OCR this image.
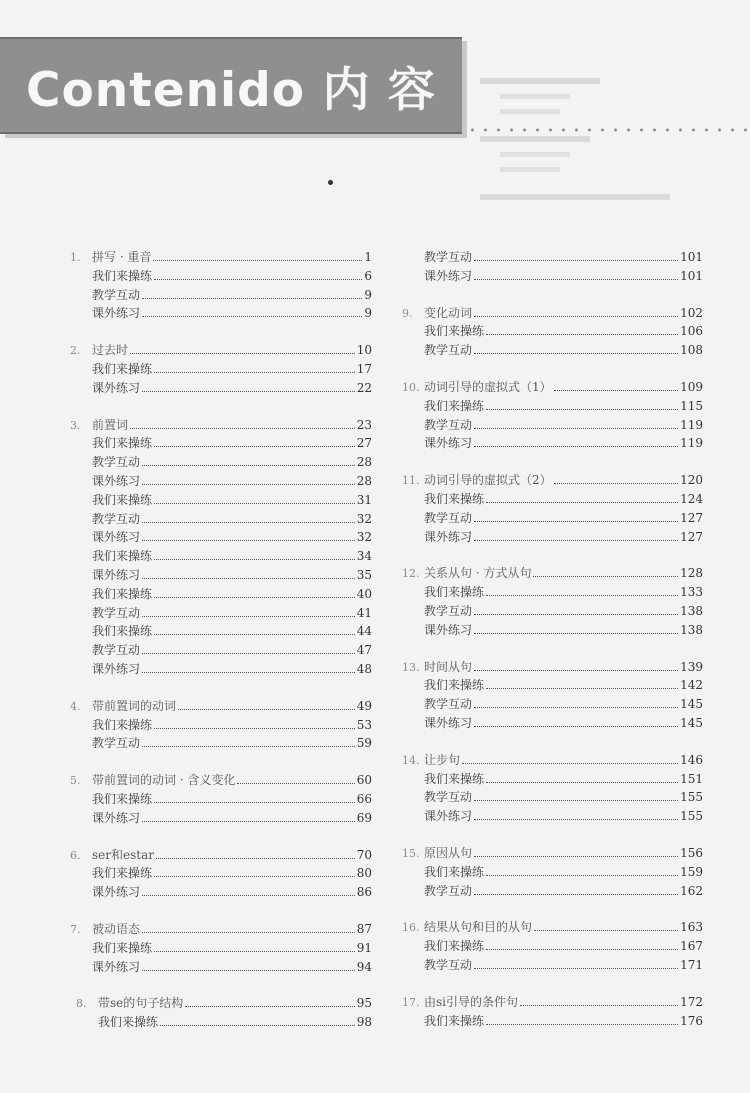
Contenido 内 容
1. 拼写 · 重音	1
我们来操练	6
教学互动	9
课外练习	9
2. 过去时	10
我们来操练	17
课外练习	22
3. 前置词	23
我们来操练	27
教学互动	28
课外练习	28
我们来操练	31
教学互动	32
课外练习	32
我们来操练	34
课外练习	35
我们来操练	40
教学互动	41
我们来操练	44
教学互动	47
课外练习	48
4. 带前置词的动词	49
我们来操练	53
教学互动	59
5. 带前置词的动词 · 含义变化	60
我们来操练	66
课外练习	69
6. ser和estar	70
我们来操练	80
课外练习	86
7. 被动语态	87
我们来操练	91
课外练习	94
8. 带se的句子结构	95
我们来操练	98
教学互动	101
课外练习	101
9. 变化动词	102
我们来操练	106
教学互动	108
10. 动词引导的虚拟式（1）	109
我们来操练	115
教学互动	119
课外练习	119
11. 动词引导的虚拟式（2）	120
我们来操练	124
教学互动	127
课外练习	127
12. 关系从句 · 方式从句	128
我们来操练	133
教学互动	138
课外练习	138
13. 时间从句	139
我们来操练	142
教学互动	145
课外练习	145
14. 让步句	146
我们来操练	151
教学互动	155
课外练习	155
15. 原因从句	156
我们来操练	159
教学互动	162
16. 结果从句和目的从句	163
我们来操练	167
教学互动	171
17. 由si引导的条件句	172
我们来操练	176
